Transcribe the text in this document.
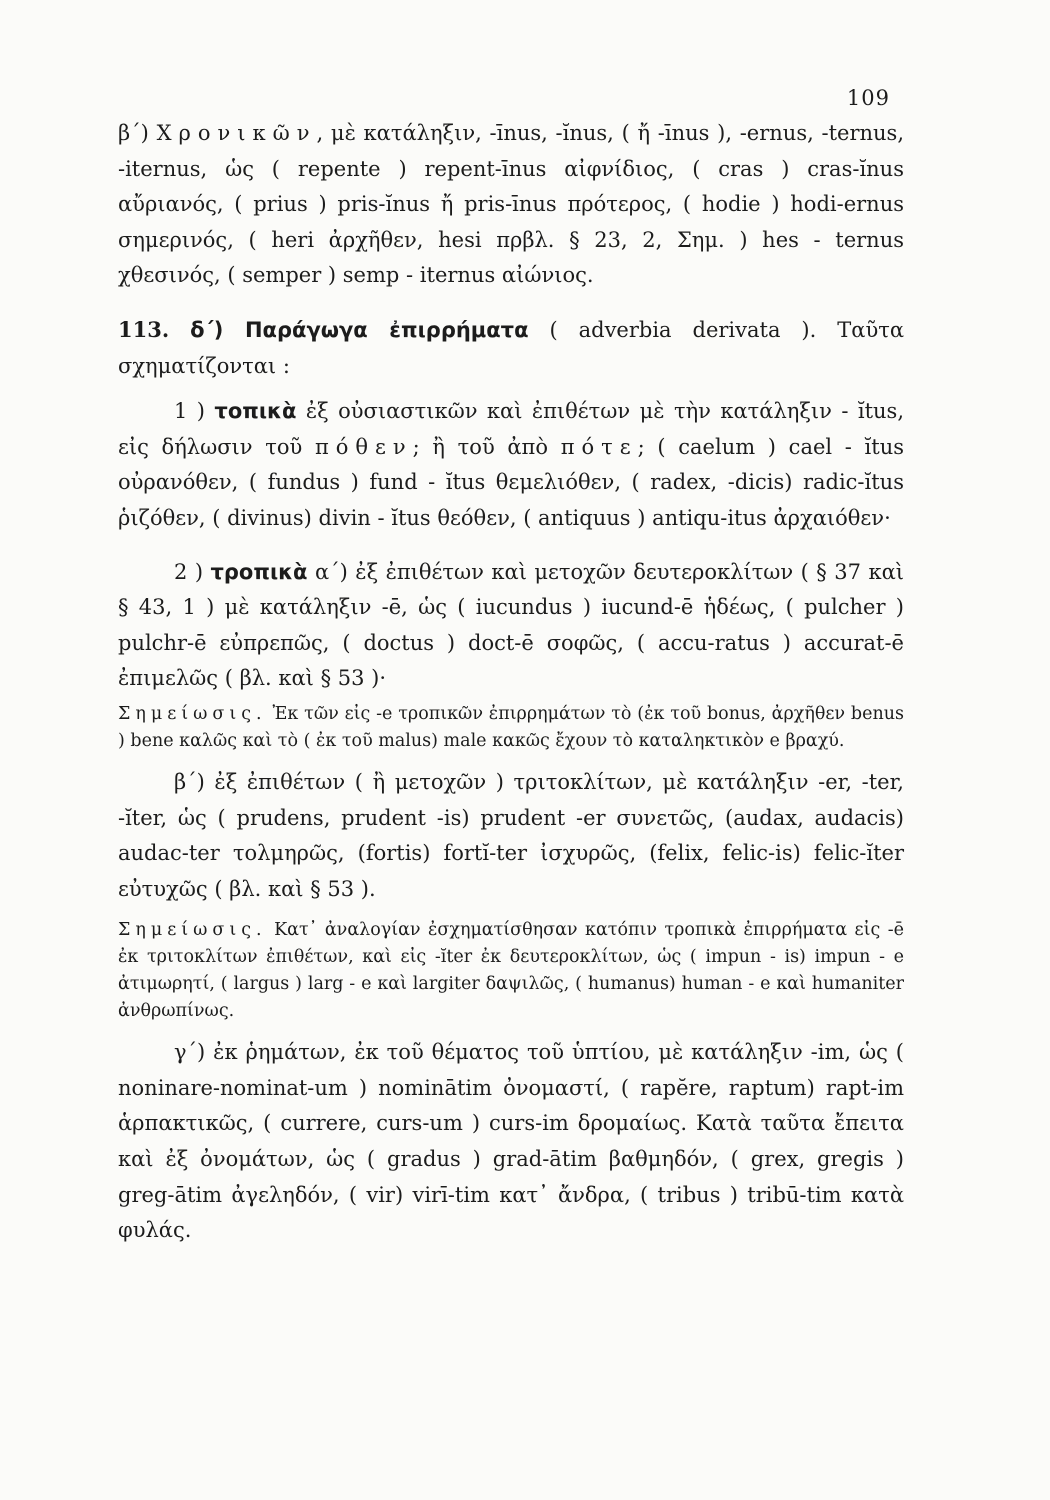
109

β΄) Χρονικῶν, μὲ κατάληξιν, -īnus, -ĭnus, ( ἤ -īnus ), -ernus, -ternus, -iternus, ὡς ( repente ) repent-īnus αἰφνίδιος, ( cras ) cras-ĭnus αὔριανός, ( prius ) pris-ĭnus ἤ pris-īnus πρότερος, ( hodie ) hodi-ernus σημερινός, ( heri ἀρχῆθεν, hesi πρβλ. § 23, 2, Σημ. ) hes - ternus χθεσινός, ( semper ) semp - iternus αἰώνιος.

113. δ΄) Παράγωγα ἐπιρρήματα ( adverbia derivata ). Ταῦτα σχηματίζονται :

1 ) τοπικὰ ἐξ οὐσιαστικῶν καὶ ἐπιθέτων μὲ τὴν κατάληξιν - ĭtus, εἰς δήλωσιν τοῦ πόθεν; ἢ τοῦ ἀπὸ πότε; ( caelum ) cael - ĭtus οὐρανόθεν, ( fundus ) fund - ĭtus θεμελιόθεν, ( radex, -dicis) radic-ĭtus ῥιζόθεν, ( divinus) divin - ĭtus θεόθεν, ( antiquus ) antiqu-itus ἀρχαιόθεν·

2 ) τροπικὰ α΄) ἐξ ἐπιθέτων καὶ μετοχῶν δευτεροκλίτων ( § 37 καὶ § 43, 1 ) μὲ κατάληξιν -ē, ὡς ( iucundus ) iucund-ē ἡδέως, ( pulcher ) pulchr-ē εὐπρεπῶς, ( doctus ) doct-ē σοφῶς, ( accu-ratus ) accurat-ē ἐπιμελῶς ( βλ. καὶ § 53 )·

Σημείωσις. Ἐκ τῶν εἰς -e τροπικῶν ἐπιρρημάτων τὸ (ἐκ τοῦ bonus, ἀρχῆθεν benus ) bene καλῶς καὶ τὸ ( ἐκ τοῦ malus) male κακῶς ἔχουν τὸ καταληκτικὸν e βραχύ.

β΄) ἐξ ἐπιθέτων ( ἢ μετοχῶν ) τριτοκλίτων, μὲ κατάληξιν -er, -ter, -ĭter, ὡς ( prudens, prudent -is) prudent -er συνετῶς, (audax, audacis) audac-ter τολμηρῶς, (fortis) fortĭ-ter ἰσχυρῶς, (felix, felic-is) felic-ĭter εὐτυχῶς ( βλ. καὶ § 53 ).

Σημείωσις. Κατ᾽ ἀναλογίαν ἐσχηματίσθησαν κατόπιν τροπικὰ ἐπιρρήματα εἰς -ē ἐκ τριτοκλίτων ἐπιθέτων, καὶ εἰς -ĭter ἐκ δευτεροκλίτων, ὡς ( impun - is) impun - e ἀτιμωρητί, ( largus ) larg - e καὶ largiter δαψιλῶς, ( humanus) human - e καὶ humaniter ἀνθρωπίνως.

γ΄) ἐκ ῥημάτων, ἐκ τοῦ θέματος τοῦ ὑπτίου, μὲ κατάληξιν -im, ὡς ( noninare-nominat-um ) nominātim ὀνομαστί, ( rapĕre, raptum) rapt-im ἁρπακτικῶς, ( currere, curs-um ) curs-im δρομαίως. Κατὰ ταῦτα ἔπειτα καὶ ἐξ ὀνομάτων, ὡς ( gradus ) grad-ātim βαθμηδόν, ( grex, gregis ) greg-ātim ἀγεληδόν, ( vir) virī-tim κατ᾽ ἄνδρα, ( tribus ) tribū-tim κατὰ φυλάς.
